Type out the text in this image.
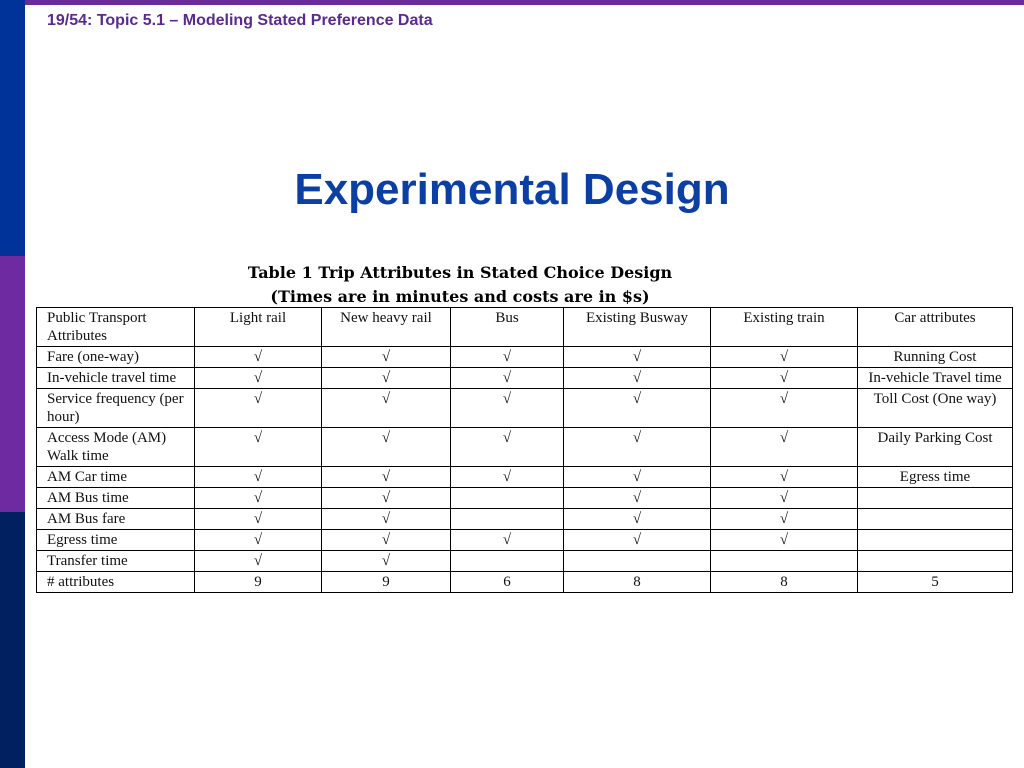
19/54: Topic 5.1 – Modeling Stated Preference Data
Experimental Design
Table 1 Trip Attributes in Stated Choice Design
(Times are in minutes and costs are in $s)
Public Transport Attributes	Light rail	New heavy rail	Bus	Existing Busway	Existing train	Car attributes
Fare (one-way)	√	√	√	√	√	Running Cost
In-vehicle travel time	√	√	√	√	√	In-vehicle Travel time
Service frequency (per hour)	√	√	√	√	√	Toll Cost (One way)
Access Mode (AM) Walk time	√	√	√	√	√	Daily Parking Cost
AM Car time	√	√	√	√	√	Egress time
AM Bus time	√	√		√	√	
AM Bus fare	√	√		√	√	
Egress time	√	√	√	√	√	
Transfer time	√	√				
# attributes	9	9	6	8	8	5
